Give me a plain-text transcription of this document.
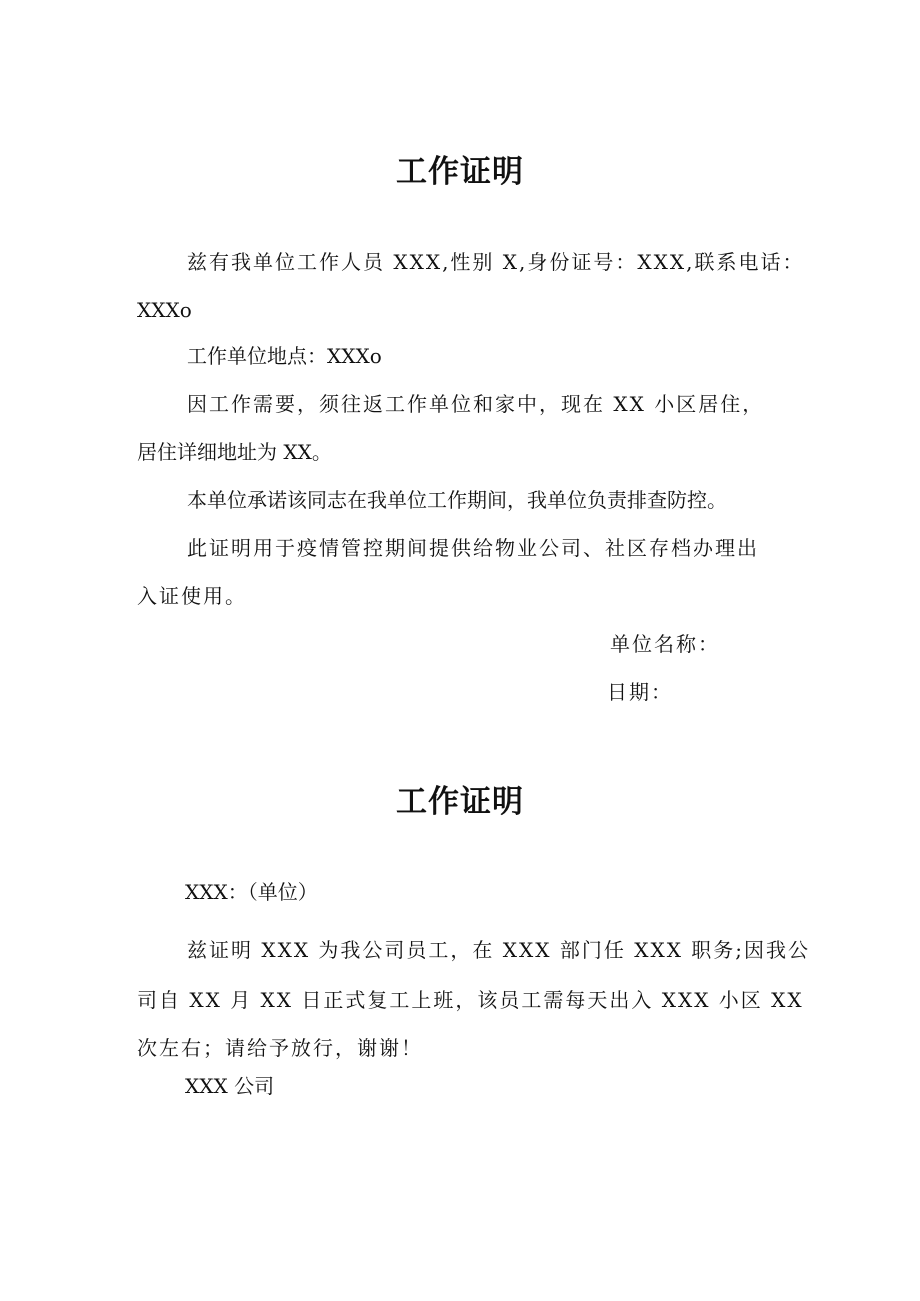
工作证明
兹有我单位工作人员 XXX,性别 X,身份证号：XXX,联系电话：
XXXo
工作单位地点：XXXo
因工作需要，须往返工作单位和家中，现在 XX 小区居住，
居住详细地址为 XX。
本单位承诺该同志在我单位工作期间，我单位负责排查防控。
此证明用于疫情管控期间提供给物业公司、社区存档办理出
入证使用。
单位名称：
日期：
工作证明
XXX：（单位）
兹证明 XXX 为我公司员工，在 XXX 部门任 XXX 职务;因我公
司自 XX 月 XX 日正式复工上班，该员工需每天出入 XXX 小区 XX
次左右；请给予放行，谢谢！
XXX 公司
